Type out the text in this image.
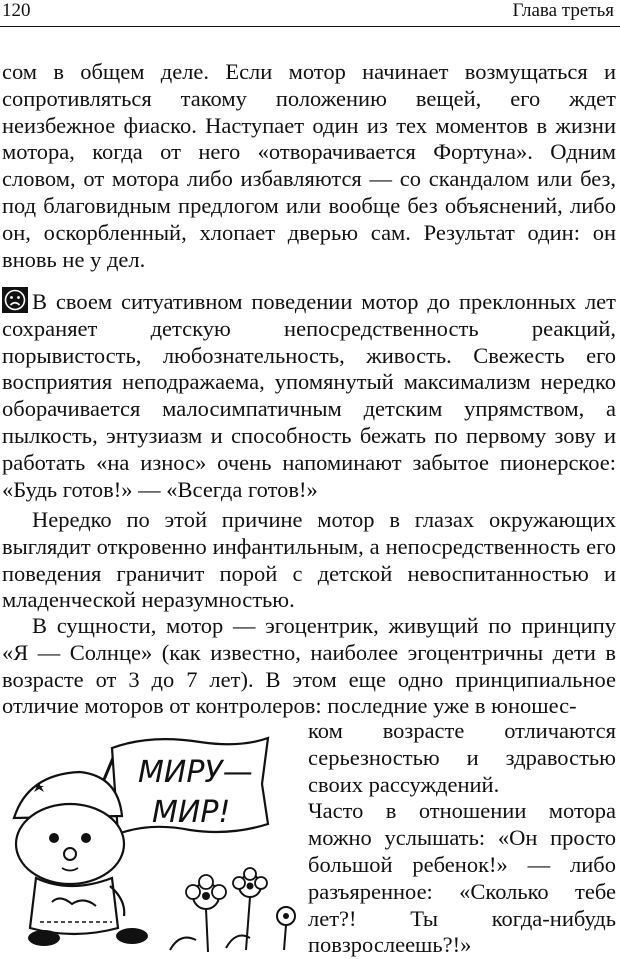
120	Глава третья

сом в общем деле. Если мотор начинает возмущаться и сопротивляться такому положению вещей, его ждет неизбежное фиаско. Наступает один из тех моментов в жизни мотора, когда от него «отворачивается Фортуна». Одним словом, от мотора либо избавляются — со скандалом или без, под благовидным предлогом или вообще без объяснений, либо он, оскорбленный, хлопает дверью сам. Результат один: он вновь не у дел.

В своем ситуативном поведении мотор до преклонных лет сохраняет детскую непосредственность реакций, порывистость, любознательность, живость. Свежесть его восприятия неподражаема, упомянутый максимализм нередко оборачивается малосимпатичным детским упрямством, а пылкость, энтузиазм и способность бежать по первому зову и работать «на износ» очень напоминают забытое пионерское: «Будь готов!» — «Всегда готов!»

Нередко по этой причине мотор в глазах окружающих выглядит откровенно инфантильным, а непосредственность его поведения граничит порой с детской невоспитанностью и младенческой неразумностью.

В сущности, мотор — эгоцентрик, живущий по принципу «Я — Солнце» (как известно, наиболее эгоцентричны дети в возрасте от 3 до 7 лет). В этом еще одно принципиальное отличие моторов от контролеров: последние уже в юношес-

ком возрасте отличаются серьезностью и здравостью своих рассуждений.
Часто в отношении мотора можно услышать: «Он просто большой ребенок!» — либо разъяренное: «Сколько тебе лет?! Ты когда-нибудь повзрослеешь?!»
МИРУ—
МИР!
